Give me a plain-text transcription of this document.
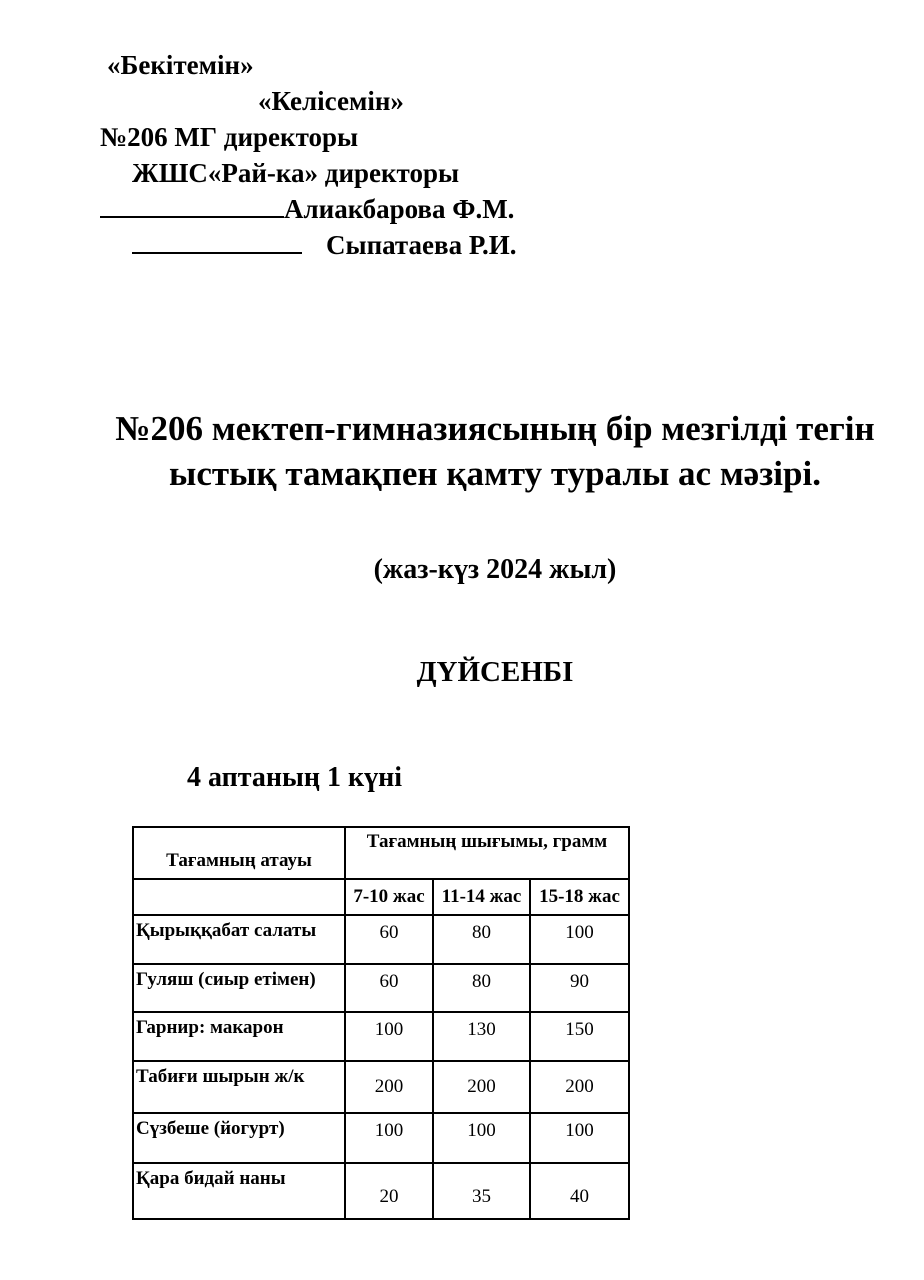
«Бекітемін»
«Келісемін»
№206 МГ директоры
ЖШС«Рай-ка» директоры
Алиакбарова Ф.М.
Сыпатаева Р.И.
№206 мектеп-гимназиясының бір мезгілді тегін ыстық тамақпен қамту туралы ас мәзірі.
(жаз-күз 2024 жыл)
ДҮЙСЕНБІ
4 аптаның 1 күні
Тағамның атауы	Тағамның шығымы, грамм		
	7-10 жас	11-14 жас	15-18 жас
Қырыққабат салаты	60	80	100
Гуляш (сиыр етімен)	60	80	90
Гарнир: макарон	100	130	150
Табиғи шырын ж/к	200	200	200
Сүзбеше (йогурт)	100	100	100
Қара бидай наны	20	35	40
